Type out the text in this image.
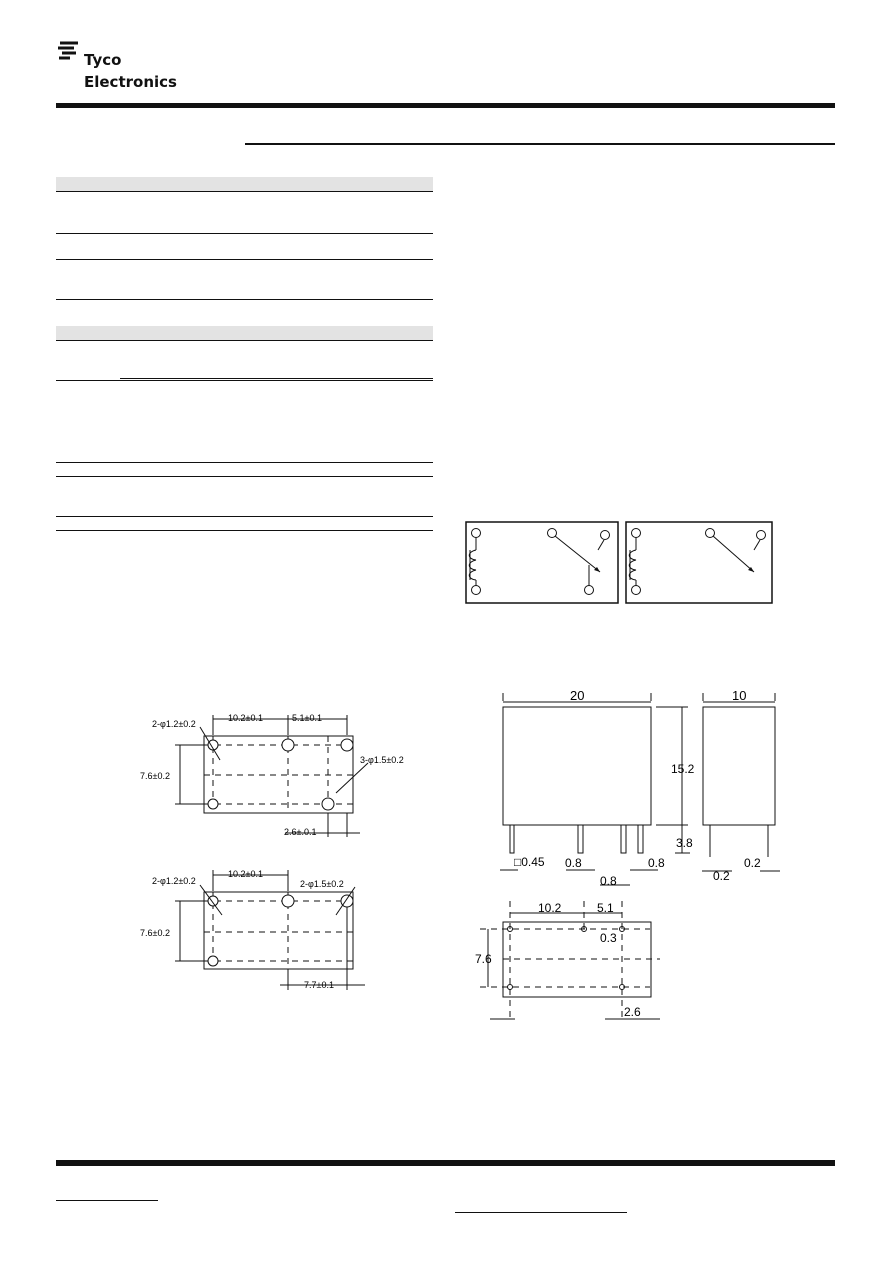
Tyco
Electronics
2-φ1.2±0.2
10.2±0.1	5.1±0.1
3-φ1.5±0.2
7.6±0.2
2.6±.0.1
2-φ1.2±0.2
10.2±0.1
2-φ1.5±0.2
7.6±0.2
7.7±0.1
20
□0.45 0.8
0.8
0.8
10
15.2
3.8
0.2
0.2
10.2	5.1
0.3
7.6
2.6
